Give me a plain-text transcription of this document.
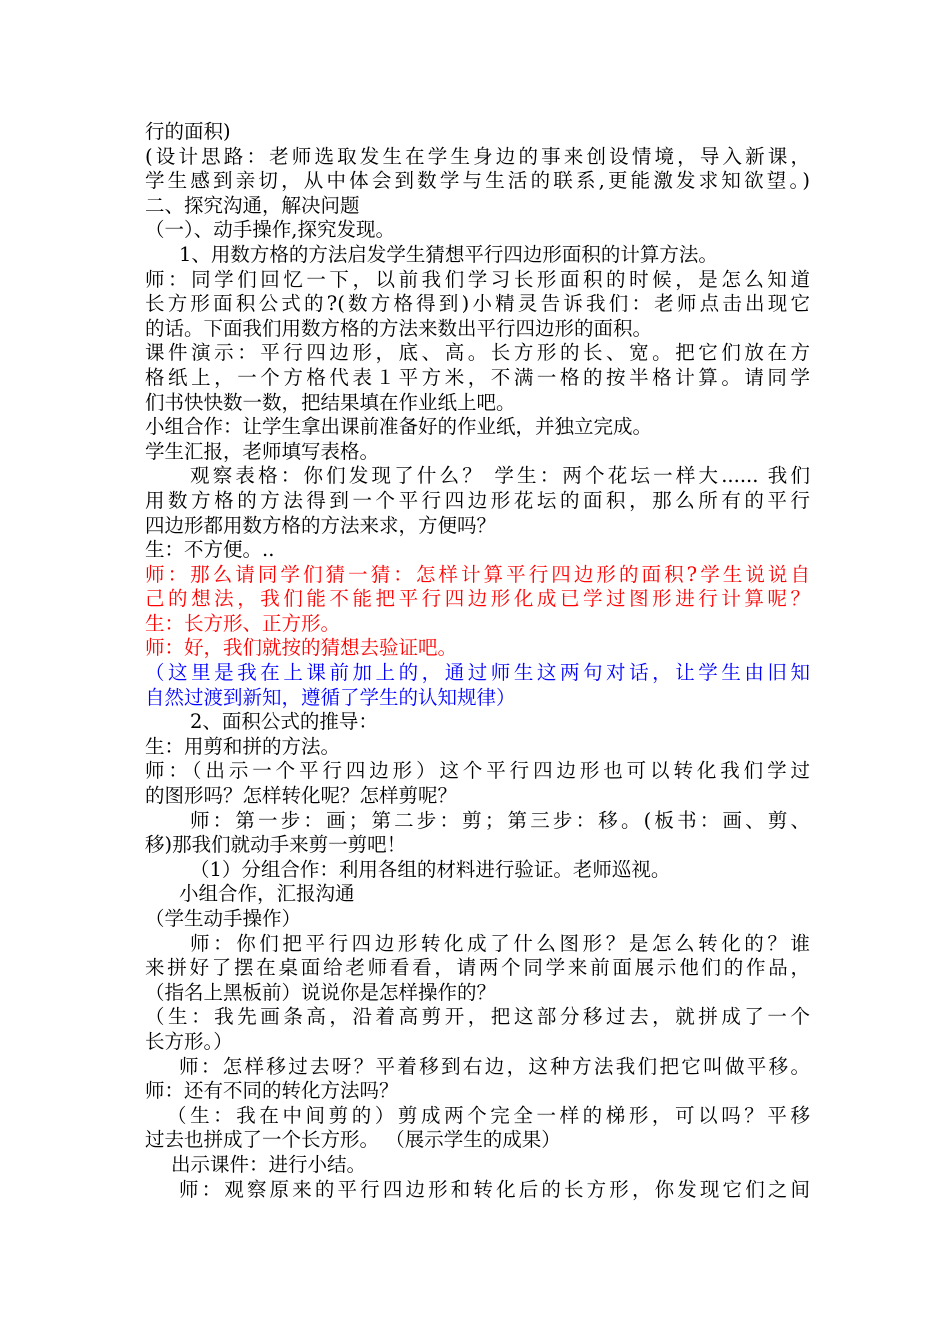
行的面积)
(设计思路：老师选取发生在学生身边的事来创设情境，导入新课，
学生感到亲切，从中体会到数学与生活的联系,更能激发求知欲望。)
二、探究沟通，解决问题
（一）、动手操作,探究发现。
1、用数方格的方法启发学生猜想平行四边形面积的计算方法。
师：同学们回忆一下，以前我们学习长形面积的时候，是怎么知道
长方形面积公式的?(数方格得到)小精灵告诉我们：老师点击出现它
的话。下面我们用数方格的方法来数出平行四边形的面积。
课件演示：平行四边形，底、高。长方形的长、宽。把它们放在方
格纸上，一个方格代表１平方米，不满一格的按半格计算。请同学
们书快快数一数，把结果填在作业纸上吧。
小组合作：让学生拿出课前准备好的作业纸，并独立完成。
学生汇报，老师填写表格。
观察表格：你们发现了什么？ 学生：两个花坛一样大...... 我们
用数方格的方法得到一个平行四边形花坛的面积，那么所有的平行
四边形都用数方格的方法来求，方便吗？
生：不方便。..
师：那么请同学们猜一猜：怎样计算平行四边形的面积?学生说说自
己的想法，我们能不能把平行四边形化成已学过图形进行计算呢？
生：长方形、正方形。
师：好，我们就按的猜想去验证吧。
（这里是我在上课前加上的，通过师生这两句对话，让学生由旧知
自然过渡到新知，遵循了学生的认知规律）
2、面积公式的推导：
生：用剪和拼的方法。
师：（出示一个平行四边形）这个平行四边形也可以转化我们学过
的图形吗？怎样转化呢？怎样剪呢？
师：第一步：画；第二步：剪；第三步：移。(板书：画、剪、
移)那我们就动手来剪一剪吧！
（1）分组合作：利用各组的材料进行验证。老师巡视。
小组合作，汇报沟通
（学生动手操作）
师：你们把平行四边形转化成了什么图形？是怎么转化的？谁
来拼好了摆在桌面给老师看看，请两个同学来前面展示他们的作品，
（指名上黑板前）说说你是怎样操作的？
（生：我先画条高，沿着高剪开，把这部分移过去，就拼成了一个
长方形。）
师：怎样移过去呀？平着移到右边，这种方法我们把它叫做平移。
师：还有不同的转化方法吗？
（生：我在中间剪的）剪成两个完全一样的梯形，可以吗？平移
过去也拼成了一个长方形。 （展示学生的成果）
出示课件：进行小结。
师：观察原来的平行四边形和转化后的长方形，你发现它们之间
